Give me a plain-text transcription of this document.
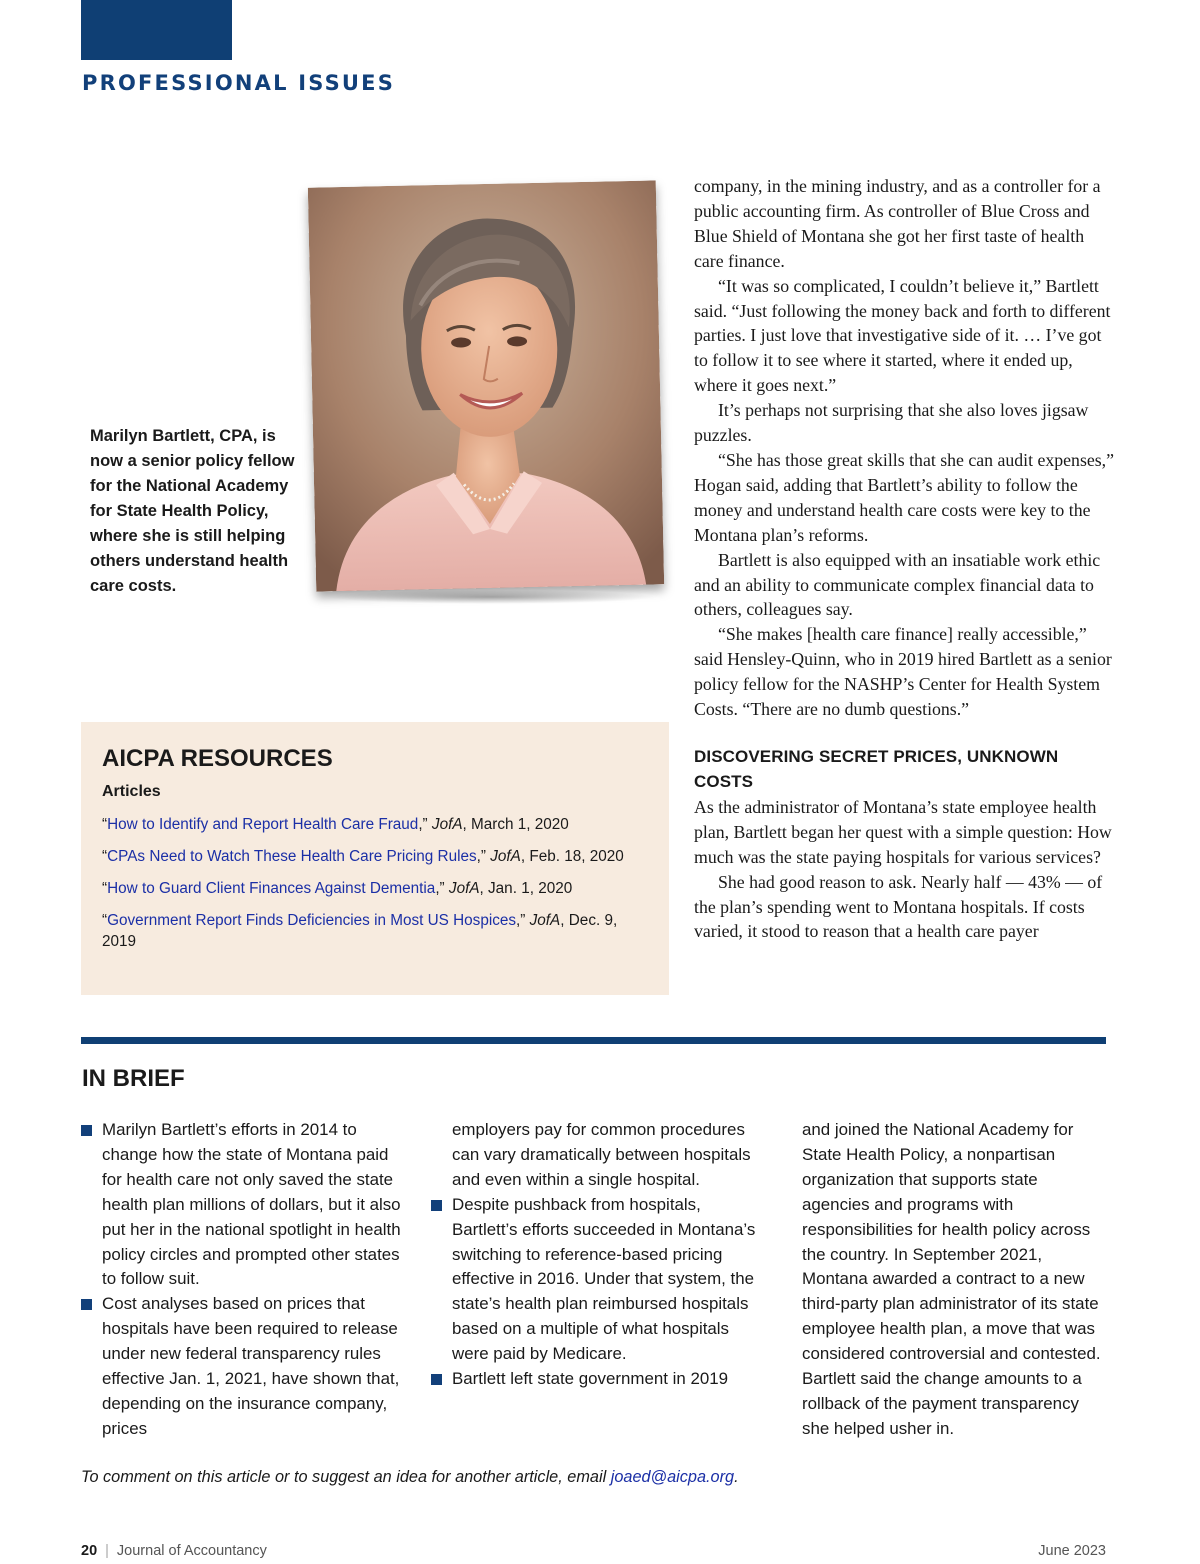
PROFESSIONAL ISSUES

Marilyn Bartlett, CPA, is now a senior policy fellow for the National Academy for State Health Policy, where she is still helping others understand health care costs.

company, in the mining industry, and as a controller for a public accounting firm. As controller of Blue Cross and Blue Shield of Montana she got her first taste of health care finance.

“It was so complicated, I couldn’t believe it,” Bartlett said. “Just following the money back and forth to different parties. I just love that investigative side of it. … I’ve got to follow it to see where it started, where it ended up, where it goes next.”

It’s perhaps not surprising that she also loves jigsaw puzzles.

“She has those great skills that she can audit expenses,” Hogan said, adding that Bartlett’s ability to follow the money and understand health care costs were key to the Montana plan’s reforms.

Bartlett is also equipped with an insatiable work ethic and an ability to communicate complex financial data to others, colleagues say.

“She makes [health care finance] really accessible,” said Hensley-Quinn, who in 2019 hired Bartlett as a senior policy fellow for the NASHP’s Center for Health System Costs. “There are no dumb questions.”

DISCOVERING SECRET PRICES, UNKNOWN COSTS

As the administrator of Montana’s state employee health plan, Bartlett began her quest with a simple question: How much was the state paying hospitals for various services?

She had good reason to ask. Nearly half — 43% — of the plan’s spending went to Montana hospitals. If costs varied, it stood to reason that a health care payer

AICPA RESOURCES

Articles

“How to Identify and Report Health Care Fraud,” JofA, March 1, 2020
“CPAs Need to Watch These Health Care Pricing Rules,” JofA, Feb. 18, 2020
“How to Guard Client Finances Against Dementia,” JofA, Jan. 1, 2020
“Government Report Finds Deficiencies in Most US Hospices,” JofA, Dec. 9, 2019
IN BRIEF

Marilyn Bartlett’s efforts in 2014 to change how the state of Montana paid for health care not only saved the state health plan millions of dollars, but it also put her in the national spotlight in health policy circles and prompted other states to follow suit.

Cost analyses based on prices that hospitals have been required to release under new federal transparency rules effective Jan. 1, 2021, have shown that, depending on the insurance company, prices

employers pay for common procedures can vary dramatically between hospitals and even within a single hospital.

Despite pushback from hospitals, Bartlett’s efforts succeeded in Montana’s switching to reference-based pricing effective in 2016. Under that system, the state’s health plan reimbursed hospitals based on a multiple of what hospitals were paid by Medicare.

Bartlett left state government in 2019

and joined the National Academy for State Health Policy, a nonpartisan organization that supports state agencies and programs with responsibilities for health policy across the country. In September 2021, Montana awarded a contract to a new third-party plan administrator of its state employee health plan, a move that was considered controversial and contested. Bartlett said the change amounts to a rollback of the payment transparency she helped usher in.

To comment on this article or to suggest an idea for another article, email joaed@aicpa.org.

20 | Journal of Accountancy	June 2023
